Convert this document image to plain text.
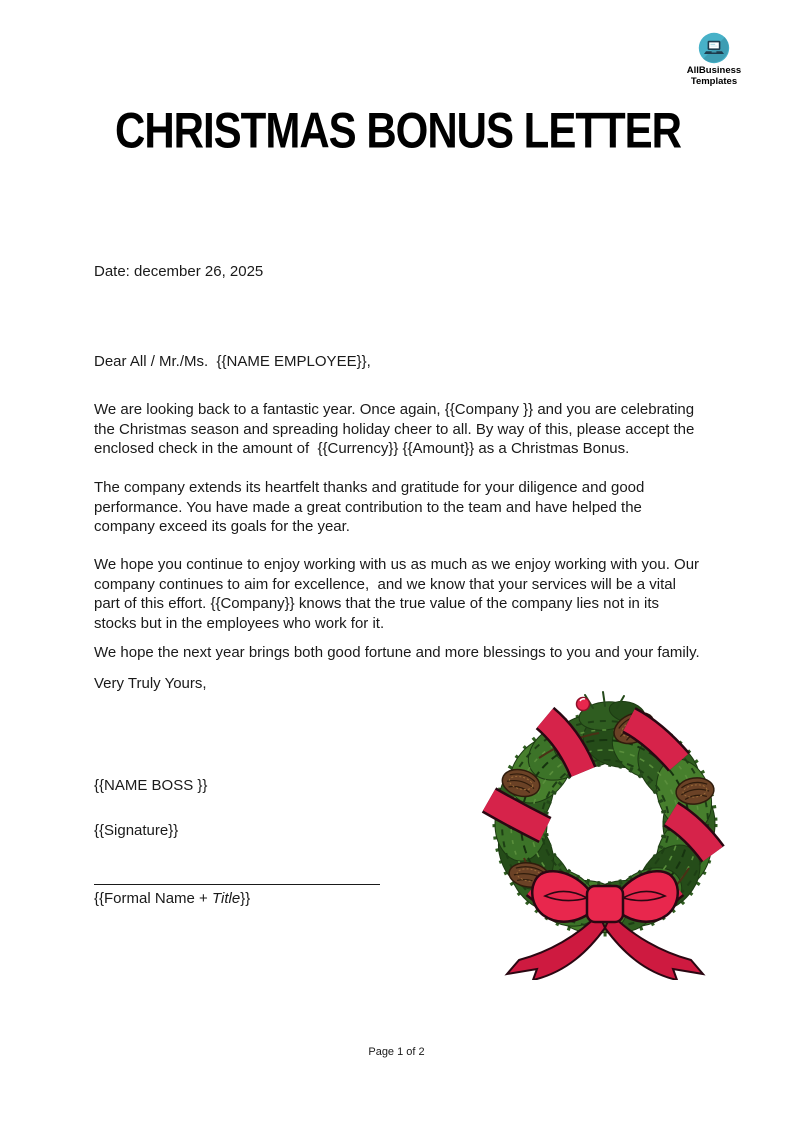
AllBusiness
Templates
CHRISTMAS BONUS LETTER
Date: december 26, 2025
Dear All / Mr./Ms.  {{NAME EMPLOYEE}},
We are looking back to a fantastic year. Once again, {{Company }} and you are celebrating the Christmas season and spreading holiday cheer to all. By way of this, please accept the enclosed check in the amount of  {{Currency}} {{Amount}} as a Christmas Bonus.
The company extends its heartfelt thanks and gratitude for your diligence and good performance. You have made a great contribution to the team and have helped the company exceed its goals for the year.
We hope you continue to enjoy working with us as much as we enjoy working with you. Our company continues to aim for excellence,  and we know that your services will be a vital part of this effort. {{Company}} knows that the true value of the company lies not in its stocks but in the employees who work for it.
We hope the next year brings both good fortune and more blessings to you and your family.
Very Truly Yours,
{{NAME BOSS }}
{{Signature}}
{{Formal Name + Title}}
Page 1 of 2
